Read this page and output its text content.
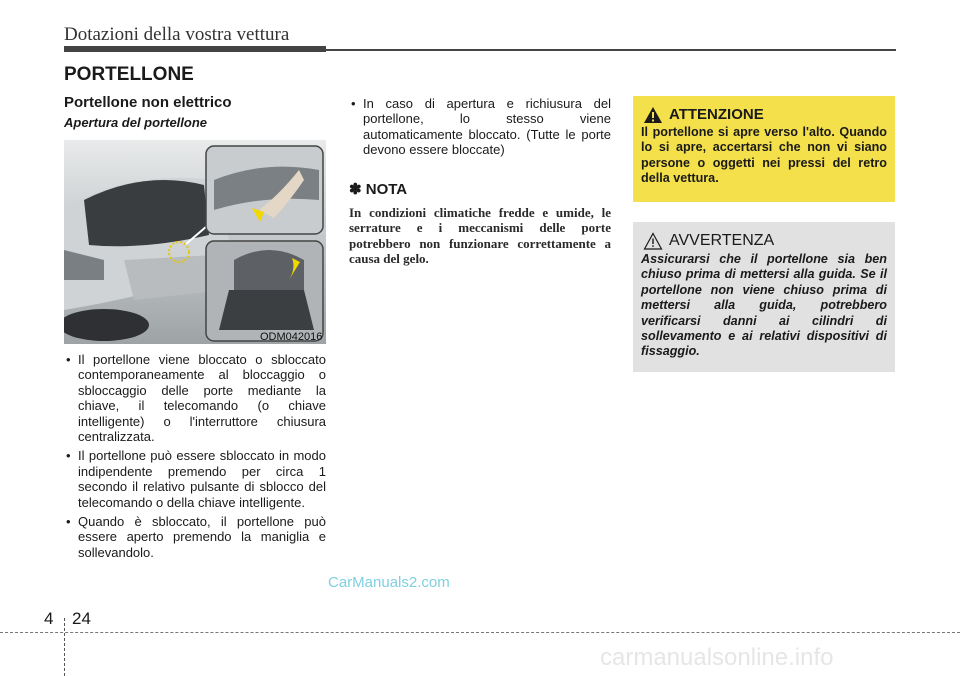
Dotazioni della vostra vettura
PORTELLONE
Portellone non elettrico
Apertura del portellone
ODM042016
• Il portellone viene bloccato o sbloccato contemporaneamente al bloccaggio o sbloccaggio delle porte mediante la chiave, il telecomando (o chiave intelligente) o l'interruttore chiusura centralizzata.
• Il portellone può essere sbloccato in modo indipendente premendo per circa 1 secondo il relativo pulsante di sblocco del telecomando o della chiave intelligente.
• Quando è sbloccato, il portellone può essere aperto premendo la maniglia e sollevandolo.
• In caso di apertura e richiusura del portellone, lo stesso viene automaticamente bloccato. (Tutte le porte devono essere bloccate)
✽ NOTA
In condizioni climatiche fredde e umide, le serrature e i meccanismi delle porte potrebbero non funzionare correttamente a causa del gelo.
ATTENZIONE
Il portellone si apre verso l'alto. Quando lo si apre, accertarsi che non vi siano persone o oggetti nei pressi del retro della vettura.
AVVERTENZA
Assicurarsi che il portellone sia ben chiuso prima di mettersi alla guida. Se il portellone non viene chiuso prima di mettersi alla guida, potrebbero verificarsi danni ai cilindri di sollevamento e ai relativi dispositivi di fissaggio.
CarManuals2.com
4 24
carmanualsonline.info
